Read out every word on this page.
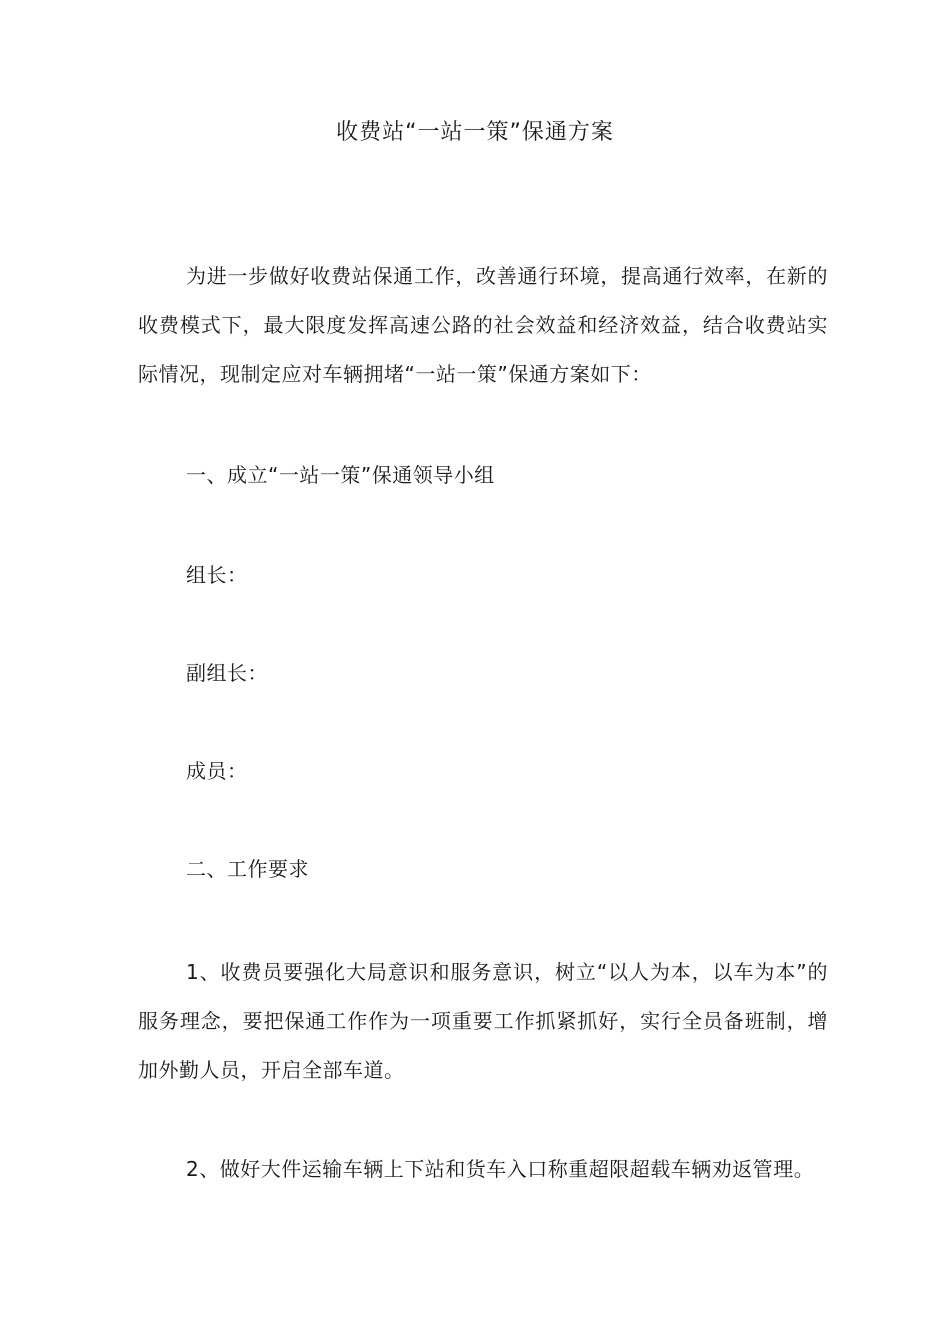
收费站“一站一策”保通方案

为进一步做好收费站保通工作，改善通行环境，提高通行效率，在新的收费模式下，最大限度发挥高速公路的社会效益和经济效益，结合收费站实际情况，现制定应对车辆拥堵“一站一策”保通方案如下：

一、成立“一站一策”保通领导小组
组长：
副组长：
成员：
二、工作要求

1、收费员要强化大局意识和服务意识，树立“以人为本，以车为本”的服务理念，要把保通工作作为一项重要工作抓紧抓好，实行全员备班制，增加外勤人员，开启全部车道。

2、做好大件运输车辆上下站和货车入口称重超限超载车辆劝返管理。
